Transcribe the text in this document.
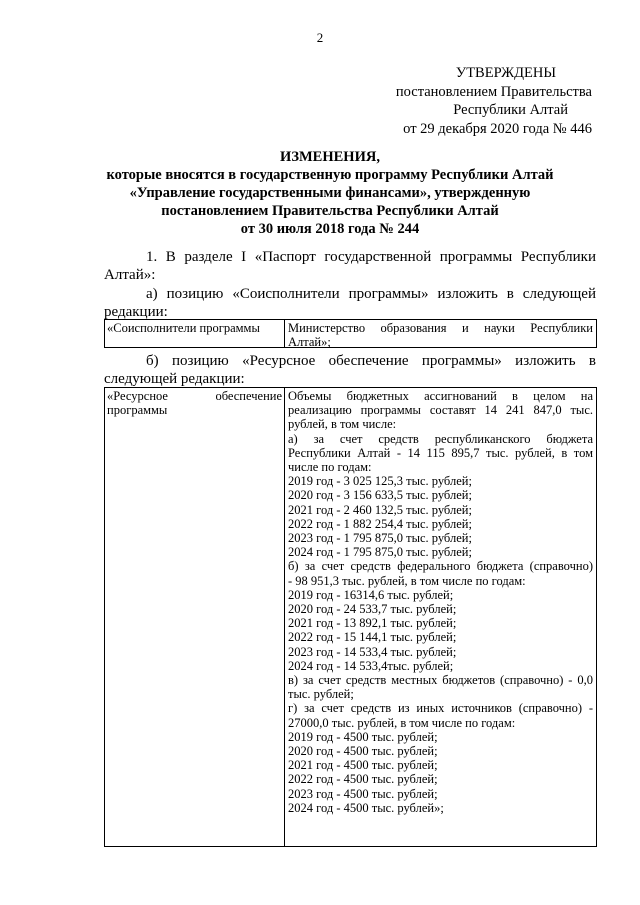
2
УТВЕРЖДЕНЫ
постановлением Правительства
Республики Алтай
от 29 декабря 2020 года № 446
ИЗМЕНЕНИЯ,
которые вносятся в государственную программу Республики Алтай
«Управление государственными финансами», утвержденную
постановлением Правительства Республики Алтай
от 30 июля 2018 года № 244
1. В разделе I «Паспорт государственной программы Республики
Алтай»:
а) позицию «Соисполнители программы» изложить в следующей
редакции:
«Соисполнители программы	Министерство образования и науки Республики
Алтай»;
б) позицию «Ресурсное обеспечение программы» изложить в
следующей редакции:
«Ресурсное обеспечение
программы
Объемы бюджетных ассигнований в целом на
реализацию программы составят 14 241 847,0 тыс.
рублей, в том числе:
а) за счет средств республиканского бюджета
Республики Алтай - 14 115 895,7 тыс. рублей, в том
числе по годам:
2019 год - 3 025 125,3 тыс. рублей;
2020 год - 3 156 633,5 тыс. рублей;
2021 год - 2 460 132,5 тыс. рублей;
2022 год - 1 882 254,4 тыс. рублей;
2023 год - 1 795 875,0 тыс. рублей;
2024 год - 1 795 875,0 тыс. рублей;
б) за счет средств федерального бюджета (справочно)
- 98 951,3 тыс. рублей, в том числе по годам:
2019 год - 16314,6 тыс. рублей;
2020 год - 24 533,7 тыс. рублей;
2021 год - 13 892,1 тыс. рублей;
2022 год - 15 144,1 тыс. рублей;
2023 год - 14 533,4 тыс. рублей;
2024 год - 14 533,4тыс. рублей;
в) за счет средств местных бюджетов (справочно) - 0,0
тыс. рублей;
г) за счет средств из иных источников (справочно) -
27000,0 тыс. рублей, в том числе по годам:
2019 год - 4500 тыс. рублей;
2020 год - 4500 тыс. рублей;
2021 год - 4500 тыс. рублей;
2022 год - 4500 тыс. рублей;
2023 год - 4500 тыс. рублей;
2024 год - 4500 тыс. рублей»;
